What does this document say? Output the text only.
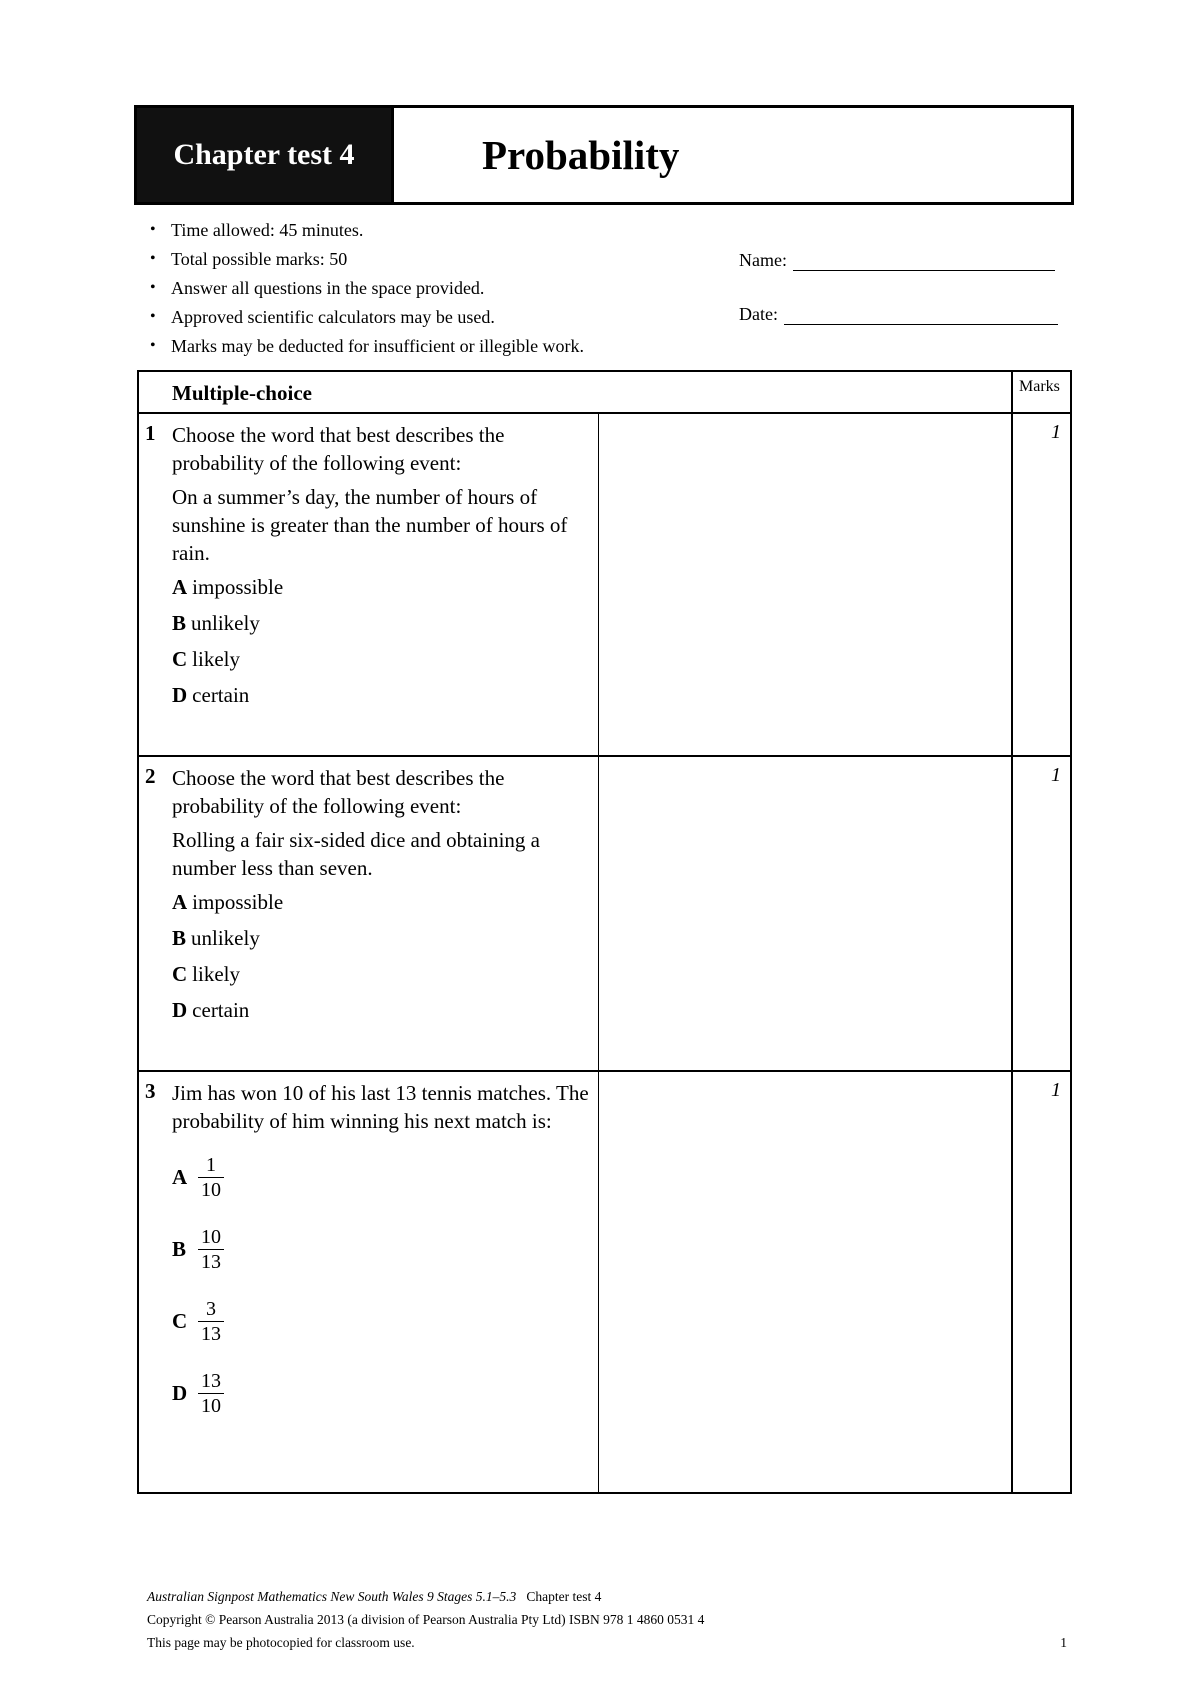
Chapter test 4	Probability
• Time allowed: 45 minutes.
• Total possible marks: 50
• Answer all questions in the space provided.
• Approved scientific calculators may be used.
• Marks may be deducted for insufficient or illegible work.
Name:
Date:
Multiple-choice	Marks
1 Choose the word that best describes the probability of the following event:

On a summer’s day, the number of hours of sunshine is greater than the number of hours of rain.

A impossible
B unlikely
C likely
D certain
1
2 Choose the word that best describes the probability of the following event:

Rolling a fair six-sided dice and obtaining a number less than seven.

A impossible
B unlikely
C likely
D certain
1
3 Jim has won 10 of his last 13 tennis matches. The probability of him winning his next match is:

A $\frac{1}{10}$
B $\frac{10}{13}$
C $\frac{3}{13}$
D $\frac{13}{10}$
1
Australian Signpost Mathematics New South Wales 9 Stages 5.1–5.3 Chapter test 4
Copyright © Pearson Australia 2013 (a division of Pearson Australia Pty Ltd) ISBN 978 1 4860 0531 4
This page may be photocopied for classroom use.	1
